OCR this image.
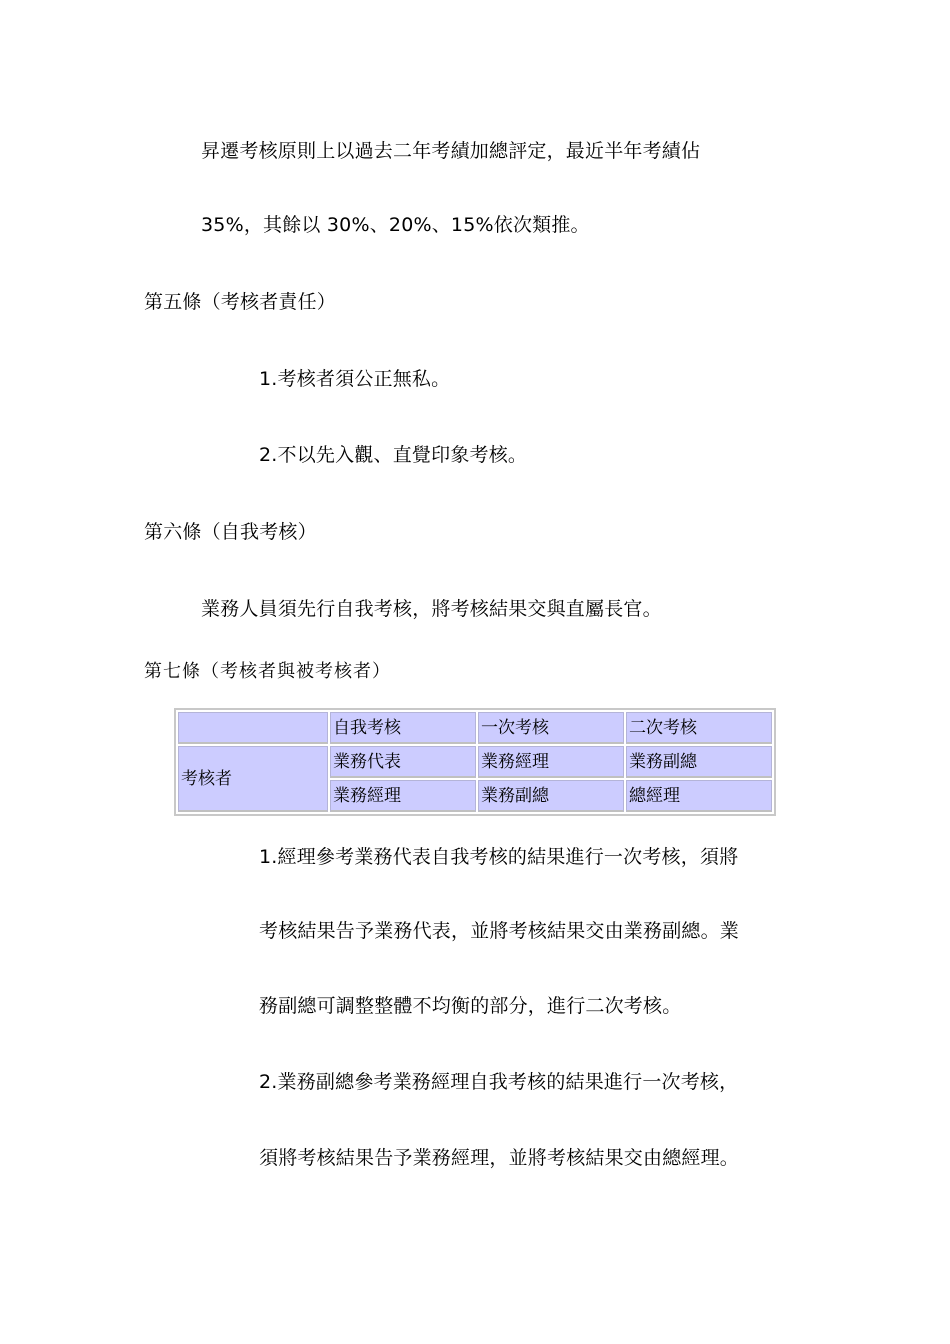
昇遷考核原則上以過去二年考績加總評定，最近半年考績佔
35%，其餘以 30%、20%、15%依次類推。
第五條（考核者責任）
1.考核者須公正無私。
2.不以先入觀、直覺印象考核。
第六條（自我考核）
業務人員須先行自我考核，將考核結果交與直屬長官。
第七條（考核者與被考核者）
	自我考核	一次考核	二次考核
考核者	業務代表	業務經理	業務副總
	業務經理	業務副總	總經理
1.經理參考業務代表自我考核的結果進行一次考核，須將
考核結果告予業務代表，並將考核結果交由業務副總。業
務副總可調整整體不均衡的部分，進行二次考核。
2.業務副總參考業務經理自我考核的結果進行一次考核，
須將考核結果告予業務經理，並將考核結果交由總經理。
